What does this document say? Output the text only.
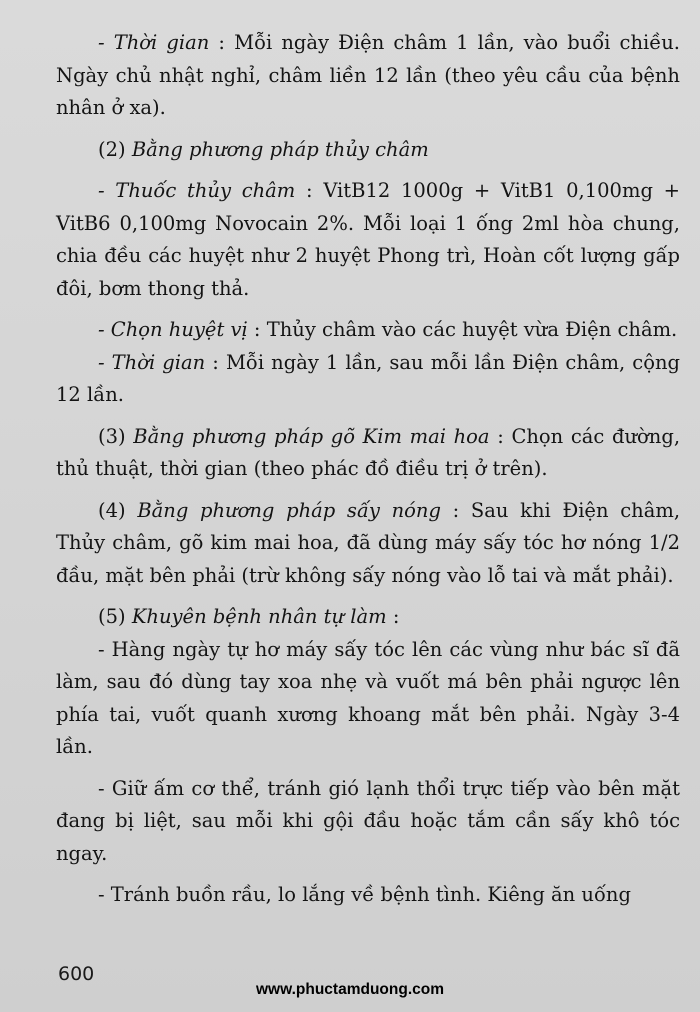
- Thời gian : Mỗi ngày Điện châm 1 lần, vào buổi chiều. Ngày chủ nhật nghỉ, châm liền 12 lần (theo yêu cầu của bệnh nhân ở xa).

(2) Bằng phương pháp thủy châm

- Thuốc thủy châm : VitB12 1000g + VitB1 0,100mg + VitB6 0,100mg Novocain 2%. Mỗi loại 1 ống 2ml hòa chung, chia đều các huyệt như 2 huyệt Phong trì, Hoàn cốt lượng gấp đôi, bơm thong thả.

- Chọn huyệt vị : Thủy châm vào các huyệt vừa Điện châm.

- Thời gian : Mỗi ngày 1 lần, sau mỗi lần Điện châm, cộng 12 lần.

(3) Bằng phương pháp gõ Kim mai hoa : Chọn các đường, thủ thuật, thời gian (theo phác đồ điều trị ở trên).

(4) Bằng phương pháp sấy nóng : Sau khi Điện châm, Thủy châm, gõ kim mai hoa, đã dùng máy sấy tóc hơ nóng 1/2 đầu, mặt bên phải (trừ không sấy nóng vào lỗ tai và mắt phải).

(5) Khuyên bệnh nhân tự làm :

- Hàng ngày tự hơ máy sấy tóc lên các vùng như bác sĩ đã làm, sau đó dùng tay xoa nhẹ và vuốt má bên phải ngược lên phía tai, vuốt quanh xương khoang mắt bên phải. Ngày 3-4 lần.

- Giữ ấm cơ thể, tránh gió lạnh thổi trực tiếp vào bên mặt đang bị liệt, sau mỗi khi gội đầu hoặc tắm cần sấy khô tóc ngay.

- Tránh buồn rầu, lo lắng về bệnh tình. Kiêng ăn uống

600
www.phuctamduong.com
